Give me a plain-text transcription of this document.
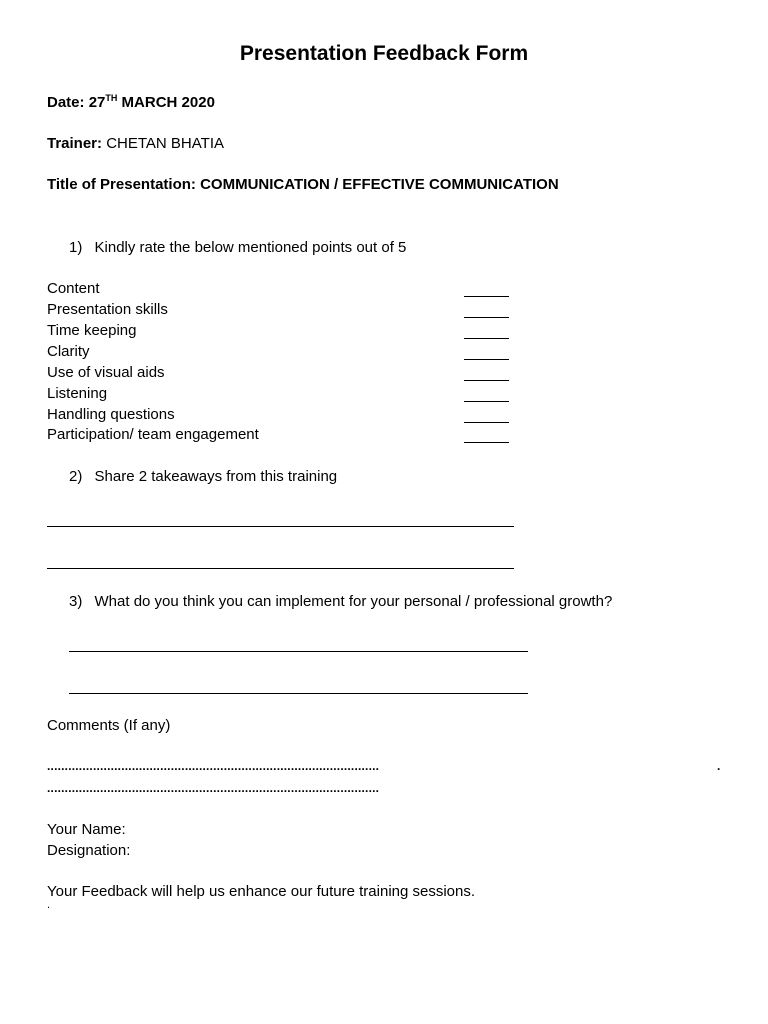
Presentation Feedback Form
Date: 27TH MARCH 2020
Trainer: CHETAN BHATIA
Title of Presentation: COMMUNICATION / EFFECTIVE COMMUNICATION
1) Kindly rate the below mentioned points out of 5
Content
Presentation skills
Time keeping
Clarity
Use of visual aids
Listening
Handling questions
Participation/ team engagement
2) Share 2 takeaways from this training
3) What do you think you can implement for your personal / professional growth?
Comments (If any)
..............................................................................................	.
..............................................................................................
Your Name:
Designation:
Your Feedback will help us enhance our future training sessions.
.
